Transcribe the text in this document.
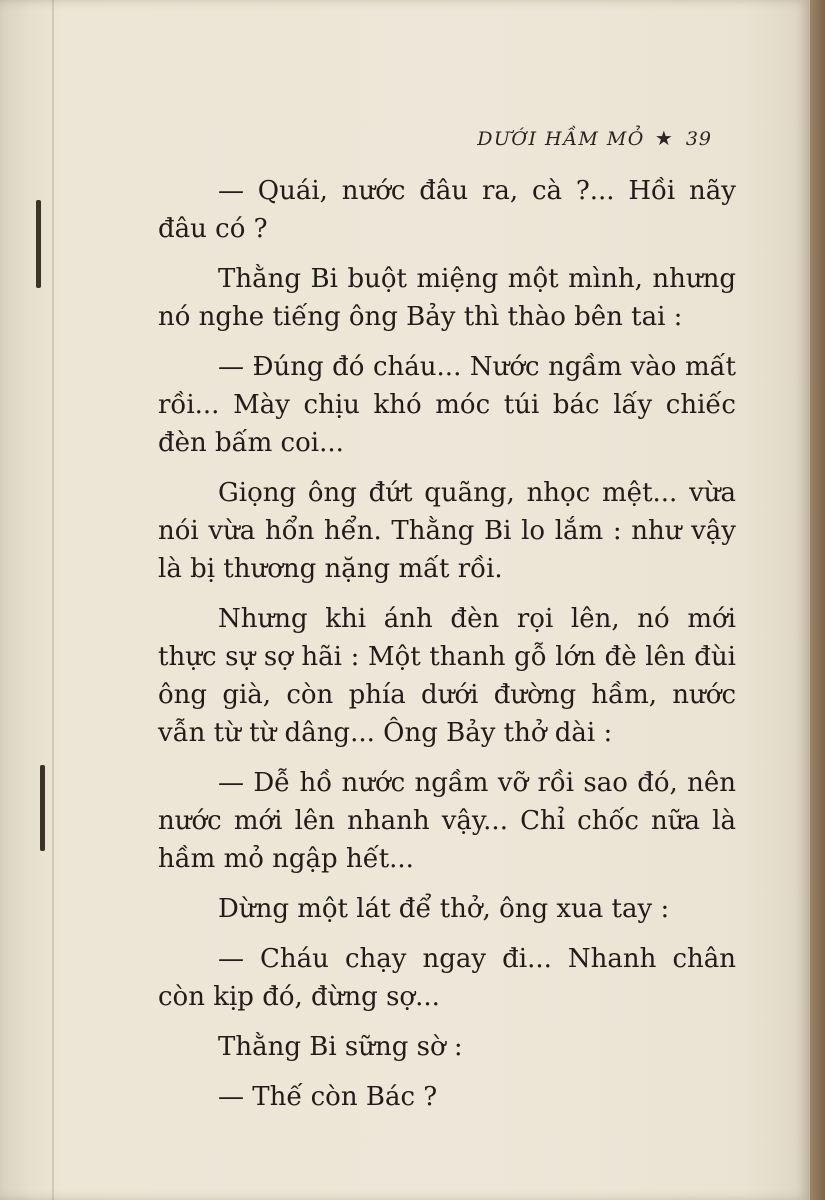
DƯỚI HẦM MỎ ★ 39

— Quái, nước đâu ra, cà ?... Hồi nãy đâu có ?

Thằng Bi buột miệng một mình, nhưng nó nghe tiếng ông Bảy thì thào bên tai :

— Đúng đó cháu... Nước ngầm vào mất rồi... Mày chịu khó móc túi bác lấy chiếc đèn bấm coi...

Giọng ông đứt quãng, nhọc mệt... vừa nói vừa hổn hển. Thằng Bi lo lắm : như vậy là bị thương nặng mất rồi.

Nhưng khi ánh đèn rọi lên, nó mới thực sự sợ hãi : Một thanh gỗ lớn đè lên đùi ông già, còn phía dưới đường hầm, nước vẫn từ từ dâng... Ông Bảy thở dài :

— Dễ hồ nước ngầm vỡ rồi sao đó, nên nước mới lên nhanh vậy... Chỉ chốc nữa là hầm mỏ ngập hết...

Dừng một lát để thở, ông xua tay :

— Cháu chạy ngay đi... Nhanh chân còn kịp đó, đừng sợ...

Thằng Bi sững sờ :

— Thế còn Bác ?
